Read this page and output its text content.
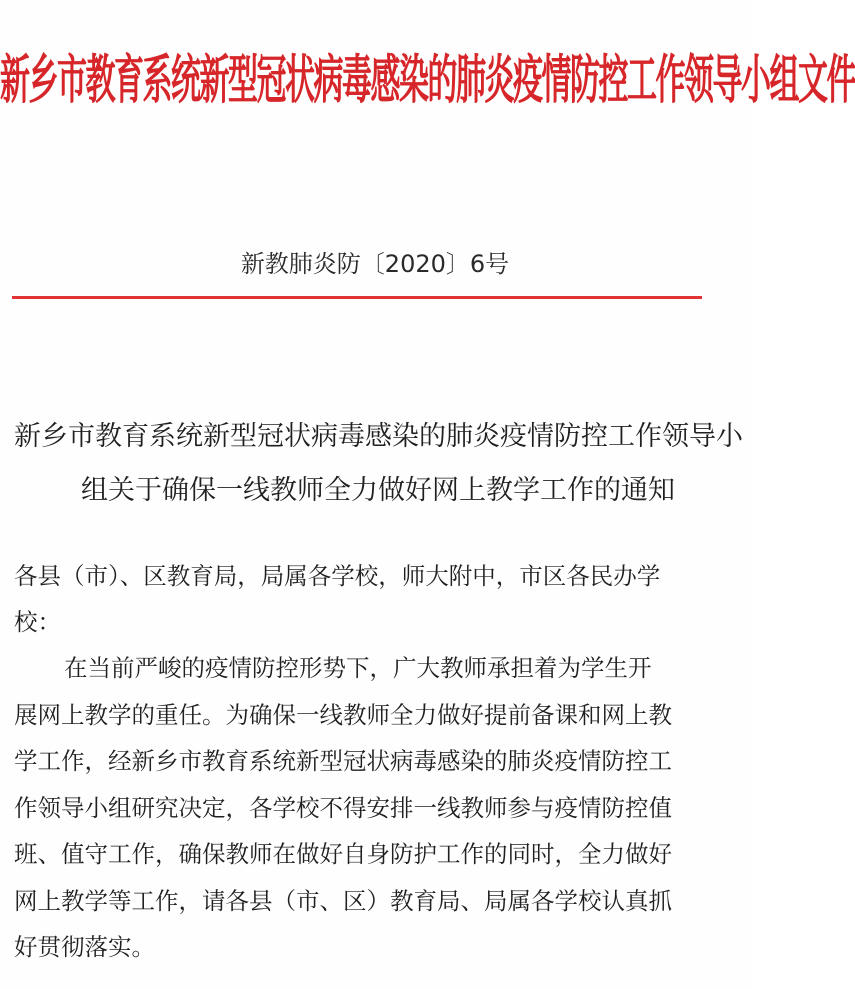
新乡市教育系统新型冠状病毒感染的肺炎疫情防控工作领导小组文件
新教肺炎防〔2020〕6号
新乡市教育系统新型冠状病毒感染的肺炎疫情防控工作领导小
组关于确保一线教师全力做好网上教学工作的通知
各县（市）、区教育局，局属各学校，师大附中，市区各民办学
校：
在当前严峻的疫情防控形势下，广大教师承担着为学生开
展网上教学的重任。为确保一线教师全力做好提前备课和网上教
学工作，经新乡市教育系统新型冠状病毒感染的肺炎疫情防控工
作领导小组研究决定，各学校不得安排一线教师参与疫情防控值
班、值守工作，确保教师在做好自身防护工作的同时，全力做好
网上教学等工作，请各县（市、区）教育局、局属各学校认真抓
好贯彻落实。
